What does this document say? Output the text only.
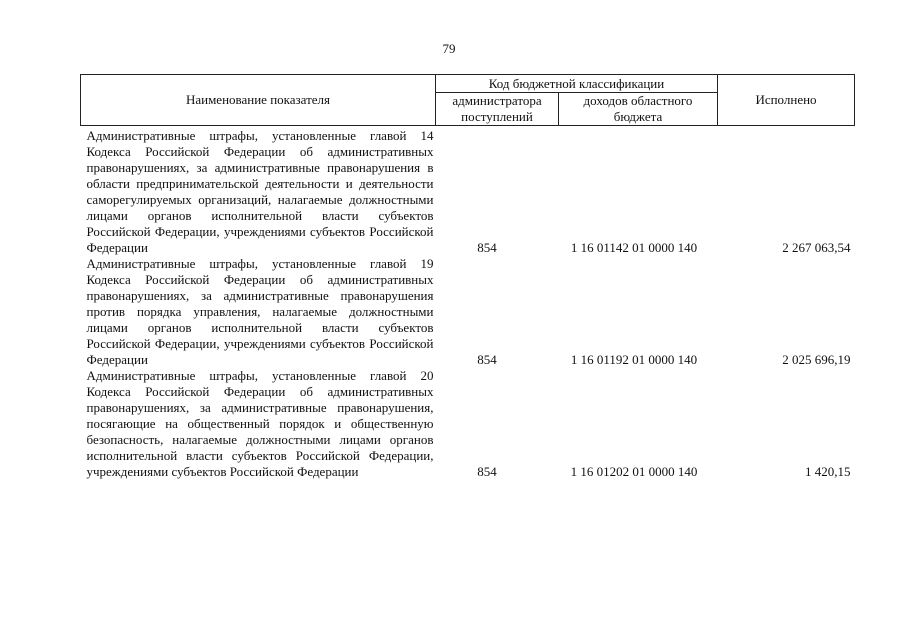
79
Наименование показателя	Код бюджетной классификации		Исполнено
	администратора поступлений	доходов областного бюджета	
Административные штрафы, установленные главой 14 Кодекса Российской Федерации об административных правонарушениях, за административные правонарушения в области предпринимательской деятельности и деятельности саморегулируемых организаций, налагаемые должностными лицами органов исполнительной власти субъектов Российской Федерации, учреждениями субъектов Российской Федерации	854	1 16 01142 01 0000 140	2 267 063,54
Административные штрафы, установленные главой 19 Кодекса Российской Федерации об административных правонарушениях, за административные правонарушения против порядка управления, налагаемые должностными лицами органов исполнительной власти субъектов Российской Федерации, учреждениями субъектов Российской Федерации	854	1 16 01192 01 0000 140	2 025 696,19
Административные штрафы, установленные главой 20 Кодекса Российской Федерации об административных правонарушениях, за административные правонарушения, посягающие на общественный порядок и общественную безопасность, налагаемые должностными лицами органов исполнительной власти субъектов Российской Федерации, учреждениями субъектов Российской Федерации	854	1 16 01202 01 0000 140	1 420,15
